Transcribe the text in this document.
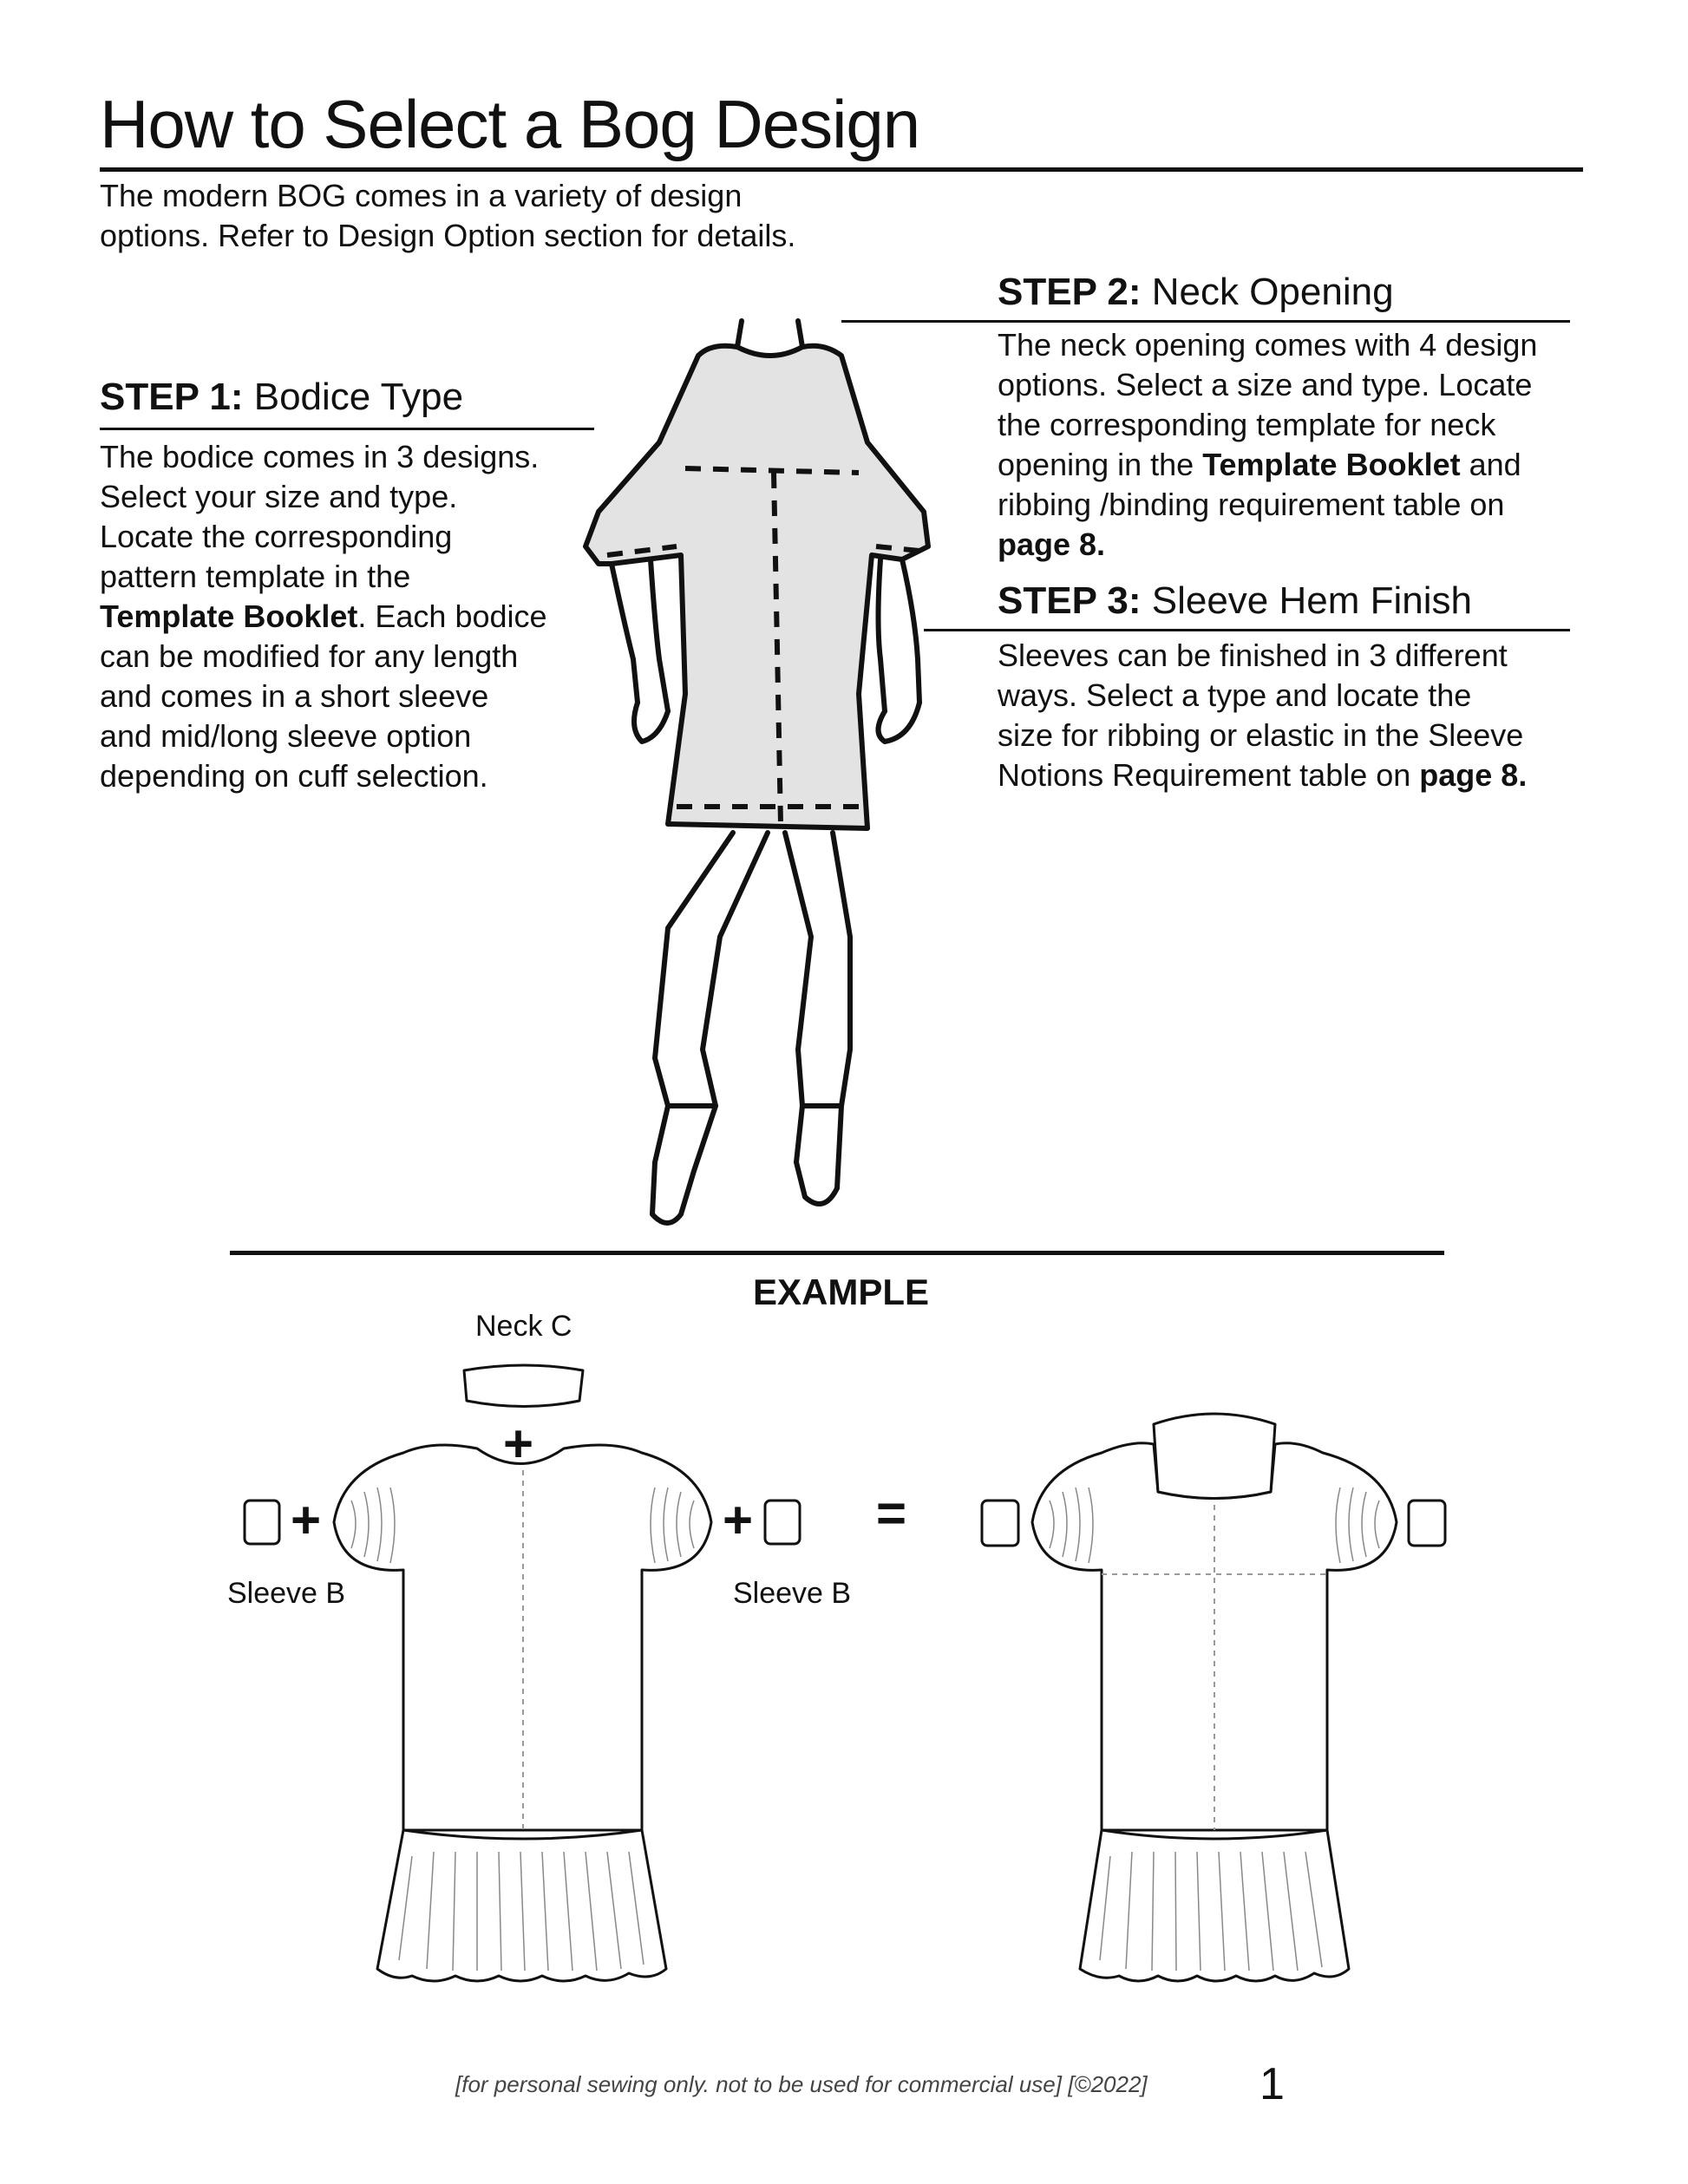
How to Select a Bog Design
The modern BOG comes in a variety of design
options. Refer to Design Option section for details.
STEP 1: Bodice Type
The bodice comes in 3 designs.
Select your size and type.
Locate the corresponding
pattern template in the
Template Booklet. Each bodice
can be modified for any length
and comes in a short sleeve
and mid/long sleeve option
depending on cuff selection.
STEP 2: Neck Opening
The neck opening comes with 4 design
options. Select a size and type. Locate
the corresponding template for neck
opening in the Template Booklet and
ribbing /binding requirement table on
page 8.
STEP 3: Sleeve Hem Finish
Sleeves can be finished in 3 different
ways. Select a type and locate the
size for ribbing or elastic in the Sleeve
Notions Requirement table on page 8.
EXAMPLE
Neck C
Sleeve B	Sleeve B
+
+	+ =
[for personal sewing only. not to be used for commercial use] [©2022] 1
